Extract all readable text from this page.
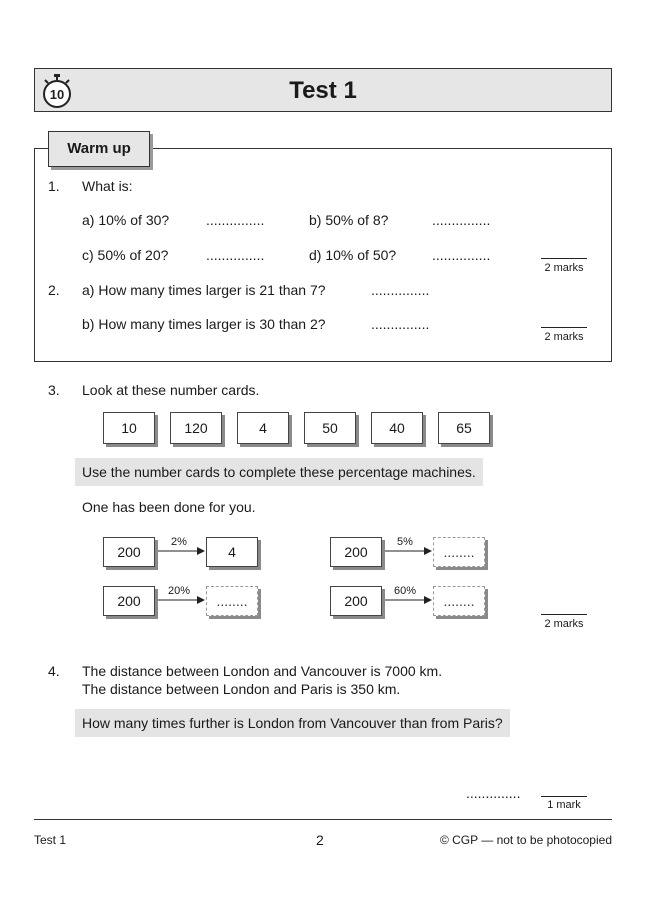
10	Test 1
Warm up
1. What is:
a) 10% of 30?	...............	b) 50% of 8?	...............
c) 50% of 20?	...............	d) 10% of 50?	...............
2 marks
2. a) How many times larger is 21 than 7?	...............
b) How many times larger is 30 than 2?	...............
2 marks
3. Look at these number cards.
10	120	4	50	40	65
Use the number cards to complete these percentage machines.
One has been done for you.
200
2%
4	200
5%
........
200
20%
........	200
60%
........
2 marks
4. The distance between London and Vancouver is 7000 km.
The distance between London and Paris is 350 km.
How many times further is London from Vancouver than from Paris?
..............
1 mark
Test 1	2	© CGP — not to be photocopied
